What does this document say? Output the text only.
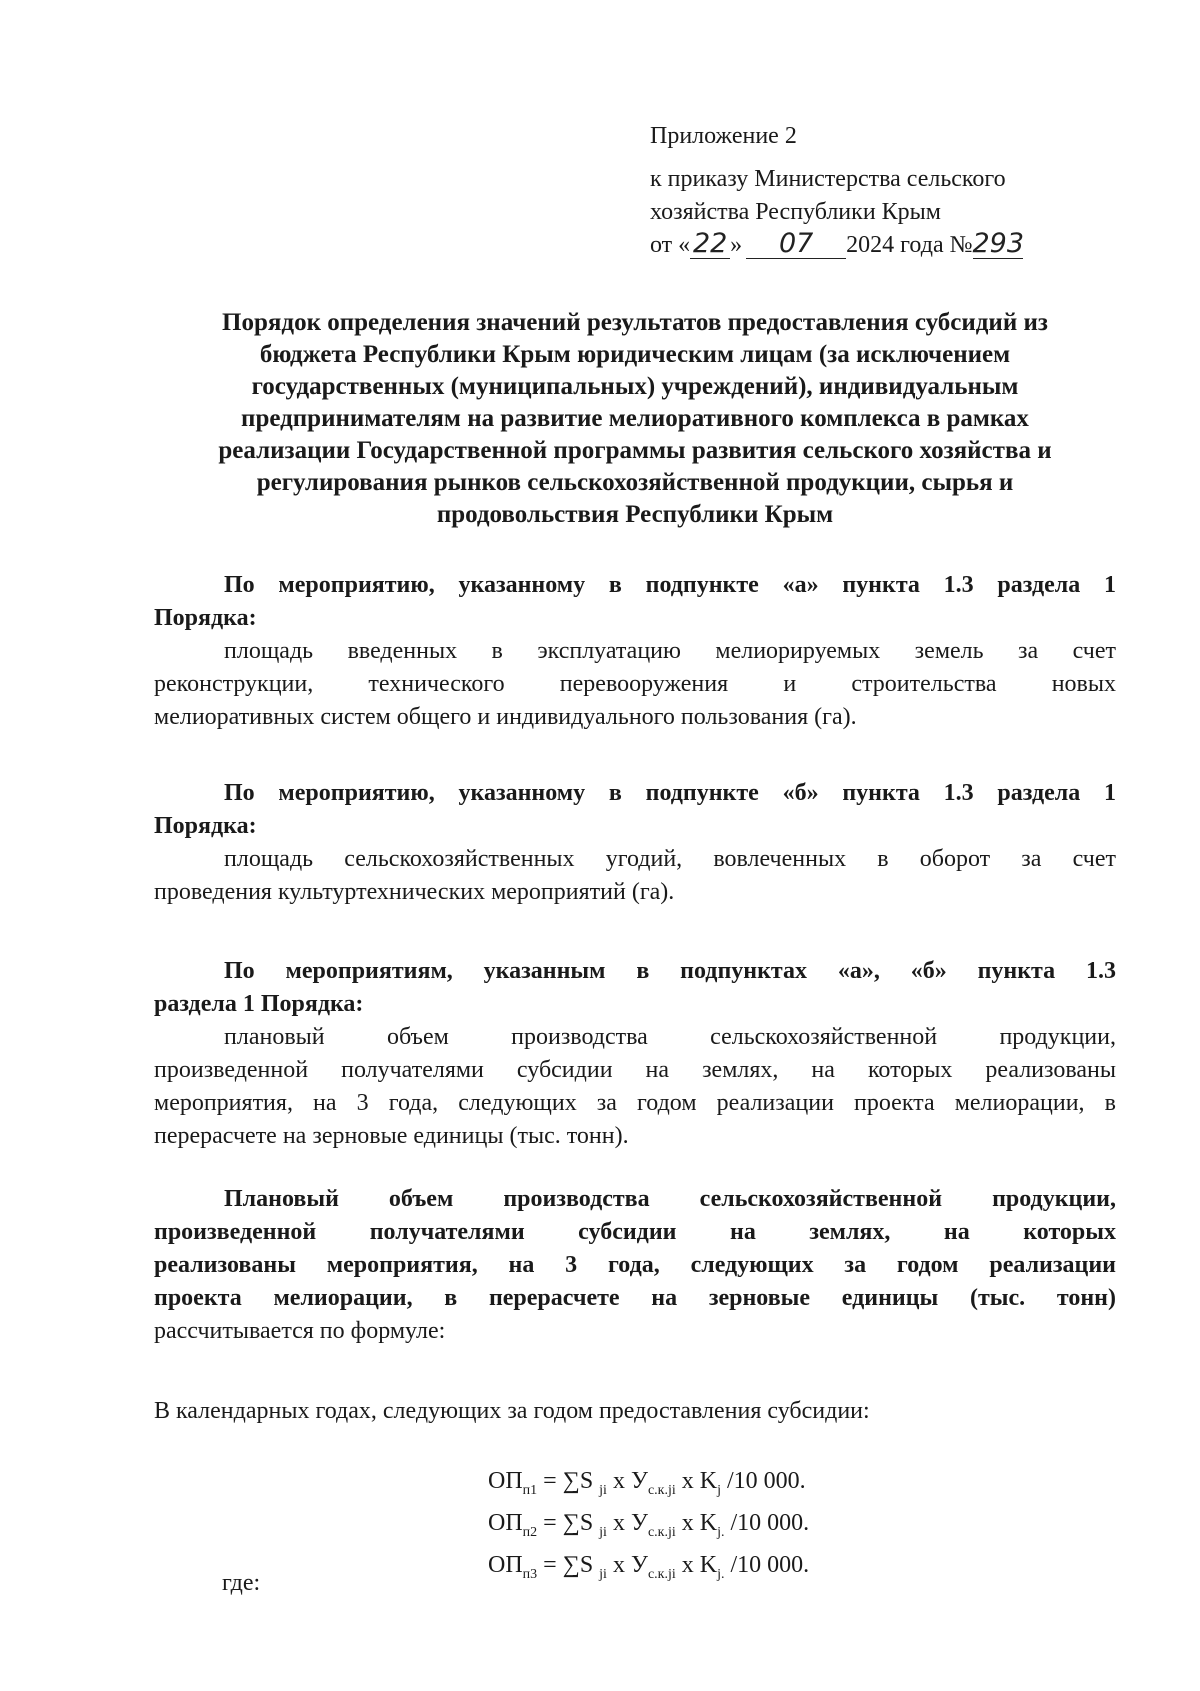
Приложение 2
к приказу Министерства сельского
хозяйства Республики Крым
от « 22 » 07 2024 года №293
Порядок определения значений результатов предоставления субсидий из
бюджета Республики Крым юридическим лицам (за исключением
государственных (муниципальных) учреждений), индивидуальным
предпринимателям на развитие мелиоративного комплекса в рамках
реализации Государственной программы развития сельского хозяйства и
регулирования рынков сельскохозяйственной продукции, сырья и
продовольствия Республики Крым
По мероприятию, указанному в подпункте «а» пункта 1.3 раздела 1
Порядка:
площадь введенных в эксплуатацию мелиорируемых земель за счет
реконструкции, технического перевооружения и строительства новых
мелиоративных систем общего и индивидуального пользования (га).
По мероприятию, указанному в подпункте «б» пункта 1.3 раздела 1
Порядка:
площадь сельскохозяйственных угодий, вовлеченных в оборот за счет
проведения культуртехнических мероприятий (га).
По мероприятиям, указанным в подпунктах «а», «б» пункта 1.3
раздела 1 Порядка:
плановый объем производства сельскохозяйственной продукции,
произведенной получателями субсидии на землях, на которых реализованы
мероприятия, на 3 года, следующих за годом реализации проекта мелиорации, в
перерасчете на зерновые единицы (тыс. тонн).
Плановый объем производства сельскохозяйственной продукции,
произведенной получателями субсидии на землях, на которых
реализованы мероприятия, на 3 года, следующих за годом реализации
проекта мелиорации, в перерасчете на зерновые единицы (тыс. тонн)
рассчитывается по формуле:
В календарных годах, следующих за годом предоставления субсидии:
$ОП_{п1} = \sum S$ $_{ji}$ х $У_{с.к.ji}$ х $K_j$ /10 000.
$ОП_{п2} = \sum S$ $_{ji}$ х $У_{с.к.ji}$ х $K_{j.}$ /10 000.
$ОП_{п3} = \sum S$ $_{ji}$ х $У_{с.к.ji}$ х $K_{j.}$ /10 000.
где:
